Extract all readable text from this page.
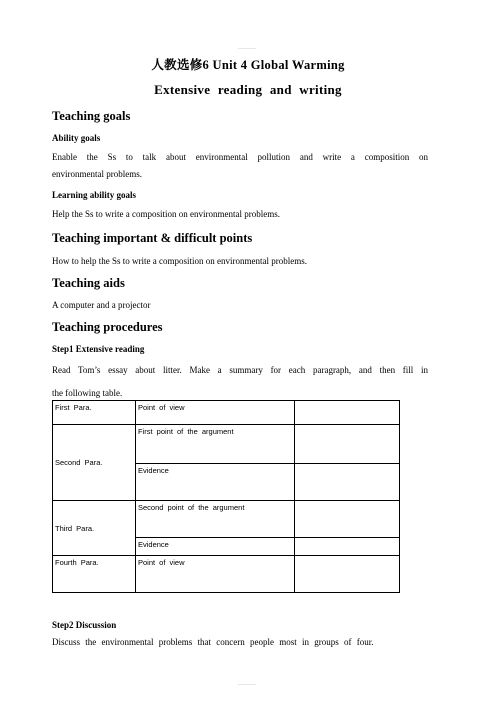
人教选修6 Unit 4 Global Warming
Extensive reading and writing
Teaching goals
Ability goals
Enable the Ss to talk about environmental pollution and write a composition on
environmental problems.
Learning ability goals
Help the Ss to write a composition on environmental problems.
Teaching important & difficult points
How to help the Ss to write a composition on environmental problems.
Teaching aids
A computer and a projector
Teaching procedures
Step1 Extensive reading
Read Tom’s essay about litter. Make a summary for each paragraph, and then fill in
the following table.
First Para.	Point of view	
Second Para.	First point of the argument	
	Evidence	
Third Para.	Second point of the argument	
	Evidence	
Fourth Para.	Point of view	
Step2 Discussion
Discuss the environmental problems that concern people most in groups of four.
